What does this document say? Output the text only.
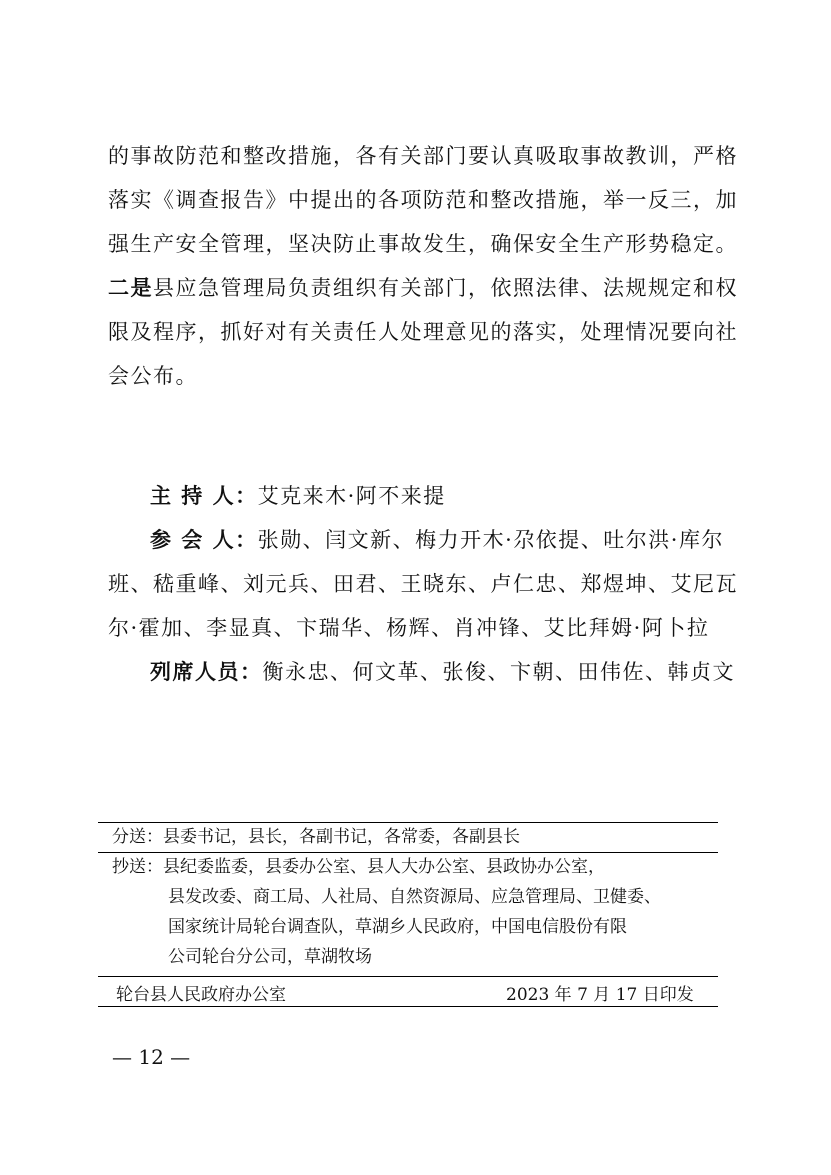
的事故防范和整改措施，各有关部门要认真吸取事故教训，严格
落实《调查报告》中提出的各项防范和整改措施，举一反三，加
强生产安全管理，坚决防止事故发生，确保安全生产形势稳定。
二是县应急管理局负责组织有关部门，依照法律、法规规定和权
限及程序，抓好对有关责任人处理意见的落实，处理情况要向社
会公布。
主 持 人：艾克来木·阿不来提
参 会 人：张勋、闫文新、梅力开木·尕依提、吐尔洪·库尔
班、嵇重峰、刘元兵、田君、王晓东、卢仁忠、郑煜坤、艾尼瓦
尔·霍加、李显真、卞瑞华、杨辉、肖冲锋、艾比拜姆·阿卜拉
列席人员：衡永忠、何文革、张俊、卞朝、田伟佐、韩贞文
分送：县委书记，县长，各副书记，各常委，各副县长
抄送：县纪委监委，县委办公室、县人大办公室、县政协办公室，
县发改委、商工局、人社局、自然资源局、应急管理局、卫健委、
国家统计局轮台调查队，草湖乡人民政府，中国电信股份有限
公司轮台分公司，草湖牧场
轮台县人民政府办公室	2023 年 7 月 17 日印发
— 12 —
